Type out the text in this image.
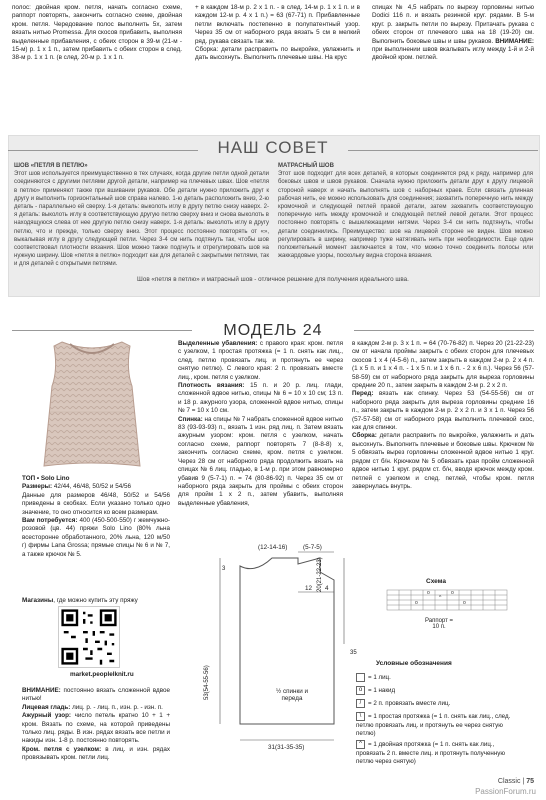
полос: двойная кром. петля, начать согласно схеме, раппорт повторять, закончить согласно схеме, двойная кром. петля. Чередование полос выполнить 5х, затем вязать нитью Promessa. Для скосов прибавить, выполняя выделенные прибавления, с обеих сторон в 39-м (21-м - 15-м) р. 1 х 1 п., затем прибавить с обеих сторон в след. 38-м р. 1 х 1 п. (в след. 20-м р. 1 х 1 п.

+ в каждом 18-м р. 2 х 1 п. - в след. 14-м р. 1 х 1 п. и в каждом 12-м р. 4 х 1 п.) = 63 (67-71) п. Прибавленные петли включать постепенно в полупатентный узор. Через 35 см от наборного ряда вязать 5 см в мелкий ряд. рукава связать так же.

Сборка: детали расправить по выкройке, увлажнить и дать высохнуть. Выполнить плечевые швы. На крус

спицах № 4,5 набрать по вырезу горловины нитью Dodici 116 п. и вязать резинкой круг. рядами. В 5-м круг. р. закрыть петли по вырезу. Притачать рукава с обеих сторон от плечевого шва на 18 (19-20) см. Выполнить боковые швы и швы рукавов. ВНИМАНИЕ: при выполнении швов вкалывать иглу между 1-й и 2-й двойной кром. петлей.

НАШ СОВЕТ

ШОВ «ПЕТЛЯ В ПЕТЛЮ»

Этот шов используется преимущественно в тех случаях, когда другие петли одной детали соединяются с другими петлями другой детали, например на плечевых швах. Шов «петля в петлю» применяют также при вшивании рукавов. Обе детали нужно приложить друг к другу и выполнить горизонтальный шов справа налево. 1-ю деталь расположить вниз, 2-ю деталь - параллельно ей сверху. 1-я деталь: выколоть иглу в другу петлю снизу наверх. 2-я деталь: выколоть иглу в соответствующую другую петлю сверху вниз и снова выколоть в находящуюся слева от нее другую петлю снизу наверх. 1-я деталь: выколоть иглу в другу петлю, что и прежде, только сверху вниз. Этот процесс постоянно повторять от «», выкалывая иглу в другу следующей петли. Через 3-4 см нить подтянуть так, чтобы шов соответствовал плотности вязания. Шов можно также подгнуть и отрегулировать шов на нужную ширину. Шов «петля в петлю» подходит как для деталей с закрытыми петлями, так и для деталей с открытыми петлями.

МАТРАСНЫЙ ШОВ

Этот шов подходит для всех деталей, в которых соединяется ряд к ряду, например для боковых швов и швов рукавов. Сначала нужно приложить детали друг к другу лицевой стороной наверх и начать выполнять шов с наборных краев. Если связать длинная рабочая нить, ее можно использовать для соединения; захватить поперечную нить между кромочной и следующей петлей правой детали, затем захватить соответствующую поперечную нить между кромочной и следующей петлей левой детали. Этот процесс постоянно повторять с вышележащими нитями. Через 3-4 см нить подтянуть, чтобы детали соединились. Преимущество: шов на лицевой стороне не виден. Шов можно регулировать в ширину, например туже натягивать нить при необходимости. Еще один положительный момент заключается в том, что можно точно соединить полосы или жаккардовые узоры, поскольку видна сторона вязания.

Шов «петля в петлю» и матрасный шов - отличное решение для получения идеального шва.
МОДЕЛЬ 24

ТОП • Solo Lino

Размеры: 42/44, 46/48, 50/52 и 54/56

Данные для размеров 46/48, 50/52 и 54/56 приведены в скобках. Если указано только одно значение, то оно относится ко всем размерам.

Вам потребуется: 400 (450-500-550) г жемчужно-розовой (цв. 44) пряжи Solo Lino (80% льна всесторонне обработанного, 20% льна, 120 м/50 г) фирмы Lana Grossa; прямые спицы № 6 и № 7, а также крючок № 5.

Магазины, где можно купить эту пряжу
market.peoplelknit.ru

ВНИМАНИЕ: постоянно вязать сложенной вдвое нитью!

Лицевая гладь: лиц. р. - лиц. п., изн. р. - изн. п.

Ажурный узор: число петель кратно 10 + 1 + кром. Вязать по схеме, на которой приведены только лиц. ряды. В изн. рядах вязать все петли и накиды изн. 1-8 р. постоянно повторять.

Кром. петля с узелком: в лиц. и изн. рядах провязывать кром. петли лиц.

Выделенные убавления: с правого края: кром. петля с узелком, 1 простая протяжка (= 1 п. снять как лиц., след. петлю провязать лиц. и протянуть ее через снятую петлю). С левого края: 2 п. провязать вместе лиц., кром. петля с узелком.

Плотность вязания: 15 п. и 20 р. лиц. глади, сложенной вдвое нитью, спицы № 6 = 10 х 10 см; 13 п. и 18 р. ажурного узора, сложенной вдвое нитью, спицы № 7 = 10 х 10 см.

Спинка: на спицы № 7 набрать сложенной вдвое нитью 83 (93-93-93) п., вязать 1 изн. ряд лиц. п. Затем вязать ажурным узором: кром. петля с узелком, начать согласно схеме, раппорт повторять 7 (8-8-8) х, закончить согласно схеме, кром. петля с узелком. Через 28 см от наборного ряда продолжить вязать на спицах № 6 лиц. гладью, в 1-м р. при этом равномерно убавив 9 (5-7-1) п. = 74 (80-86-92) п. Через 35 см от наборного ряда закрыть для проймы с обеих сторон для пройм 1 х 2 п., затем убавить, выполняя выделенные убавления,

в каждом 2-м р. 3 х 1 п. = 64 (70-76-82) п. Через 20 (21-22-23) см от начала проймы закрыть с обеих сторон для плечевых скосов 1 х 4 (4-5-6) п., затем закрыть в каждом 2-м р. 2 х 4 п. (1 х 5 п. и 1 х 4 п. - 1 х 5 п. и 1 х 6 п. - 2 х 6 п.). Через 56 (57-58-59) см от наборного ряда закрыть для выреза горловины средние 20 п., затем закрыть в каждом 2-м р. 2 х 2 п.

Перед: вязать как спинку. Через 53 (54-55-56) см от наборного ряда закрыть для выреза горловины средние 16 п., затем закрыть в каждом 2-м р. 2 х 2 п. и 3 х 1 п. Через 56 (57-57-58) см от наборного ряда выполнить плечевой скос, как для спинки.

Сборка: детали расправить по выкройке, увлажнить и дать высохнуть. Выполнить плечевые и боковые швы. Крючком № 5 обвязать вырез горловины сложенной вдвое нитью 1 круг. рядом ст б/н. Крючком № 5 обвязать края пройм сложенной вдвое нитью 1 круг. рядом ст. б/н, вводя крючок между кром. петлей с узелком и след. петлей, чтобы кром. петля завернулась внутрь.

(12-14-16) (5-7-5)
12 4
20(21-22-23)
53(54-55-56)
3
35
½ спинки и переда
31(31-35-35)
Схема
o	o
^
o	o
Раппорт = 10 п.
Условные обозначения
= 1 лиц.
o = 1 накид
/ = 2 п. провязать вместе лиц.
\ = 1 простая протяжка (= 1 п. снять как лиц., след. петлю провязать лиц. и протянуть ее через снятую петлю)
^ = 1 двойная протяжка (= 1 п. снять как лиц., провязать 2 п. вместе лиц. и протянуть полученную петлю через снятую)
Classic | 75
PassionForum.ru
